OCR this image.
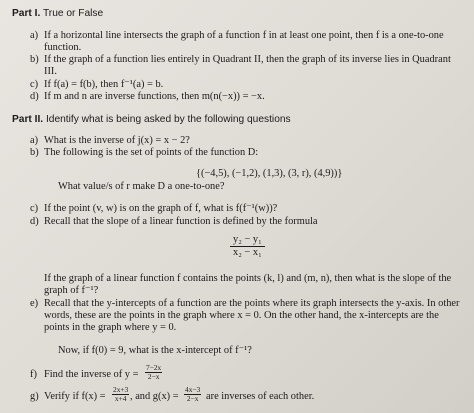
Part I. True or False
a) If a horizontal line intersects the graph of a function f in at least one point, then f is a one-to-one
function.
b) If the graph of a function lies entirely in Quadrant II, then the graph of its inverse lies in Quadrant
III.
c) If f(a) = f(b), then f⁻¹(a) = b.
d) If m and n are inverse functions, then m(n(−x)) = −x.
Part II. Identify what is being asked by the following questions
a) What is the inverse of j(x) = x − 2?
b) The following is the set of points of the function D:
{(−4,5), (−1,2), (1,3), (3, r), (4,9))}
What value/s of r make D a one-to-one?
c) If the point (v, w) is on the graph of f, what is f(f⁻¹(w))?
d) Recall that the slope of a linear function is defined by the formula
$\frac{\text{y₂ − y₁}}{\text{x₂ − x₁}}$
If the graph of a linear function f contains the points (k, l) and (m, n), then what is the slope of the
graph of f⁻¹?
e) Recall that the y-intercepts of a function are the points where its graph intersects the y-axis. In other
words, these are the points in the graph where x = 0. On the other hand, the x-intercepts are the
points in the graph where y = 0.
Now, if f(0) = 9, what is the x-intercept of f⁻¹?
f) Find the inverse of $y = \frac{7-2x}{2-x}$
g) Verify if $f(x) = \frac{2x+3}{x+4}$ , and $g(x) = \frac{4x-3}{2-x}$ are inverses of each other.
